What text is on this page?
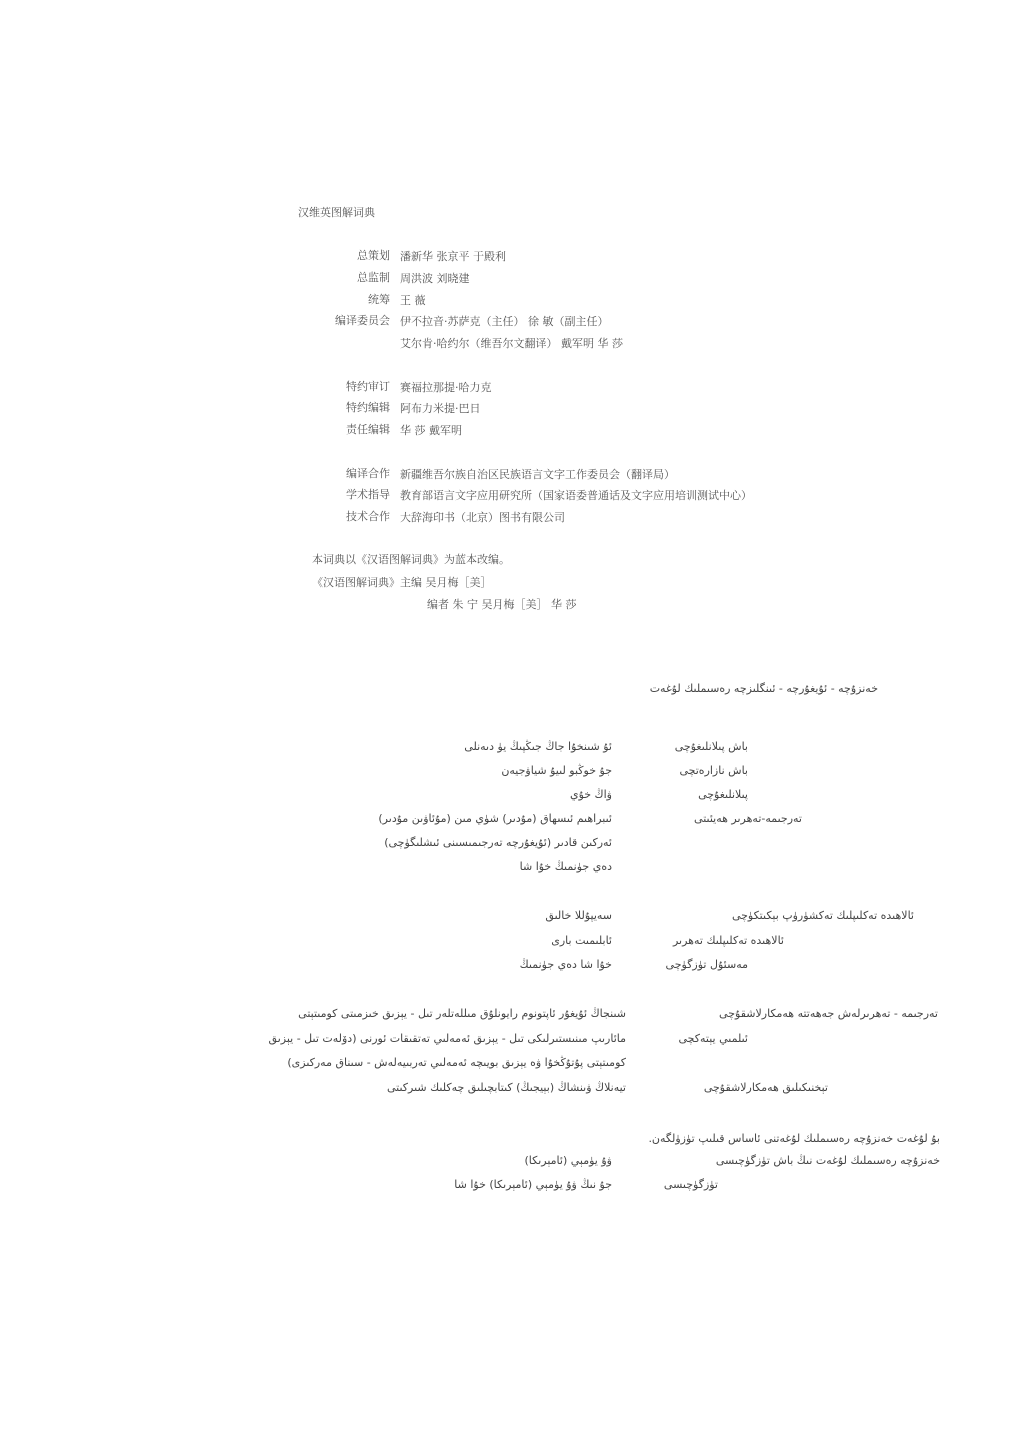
汉维英图解词典
总策划 潘新华 张京平 于殿利
总监制 周洪波 刘晓建
统筹 王 薇
编译委员会 伊不拉音·苏萨克（主任） 徐 敏（副主任）
艾尔肯·哈约尔（维吾尔文翻译） 戴军明 华 莎
特约审订 赛福拉那提·哈力克
特约编辑 阿布力米提·巴日
责任编辑 华 莎 戴军明
编译合作 新疆维吾尔族自治区民族语言文字工作委员会（翻译局）
学术指导 教育部语言文字应用研究所（国家语委普通话及文字应用培训测试中心）
技术合作 大辞海印书（北京）图书有限公司
本词典以《汉语图解词典》为蓝本改编。
《汉语图解词典》主编 吴月梅［美］
编者 朱 宁 吴月梅［美］ 华 莎
خەنزۇچە - ئۇيغۇرچە - ئىنگلىزچە رەسىملىك لۇغەت
باش پىلانلىغۇچى
ئۇ شىنخۇا جاڭ جىڭپىڭ يۈ دىەنلى
باش نازارەتچى
جۇ خوڭبو لىيۇ شياۋجيەن
پىلانلىغۇچى
ۋاڭ خۇي
تەرجىمە-تەھرىر ھەيئىتى
ئىبراھىم ئىسھاق (مۇدىر) شۈي مىن (مۇئاۋىن مۇدىر)
ئەركىن قادىر (ئۇيغۇرچە تەرجىمىسىنى ئىشلىگۈچى)
دەي جۈنمىڭ خۇا شا
ئالاھىدە تەكلىپلىك تەكشۈرۈپ بېكىتكۈچى
سەيپۇللا خالىق
ئالاھىدە تەكلىپلىك تەھرىر
ئابلىمىت بارى
مەسئۇل تۈزگۈچى
خۇا شا دەي جۈنمىڭ
تەرجىمە - تەھرىرلەش جەھەتتە ھەمكارلاشقۇچى
شىنجاڭ ئۇيغۇر ئاپتونوم رايونلۇق مىللەتلەر تىل - يېزىق خىزمىتى كومىتېتى
ئىلمىي يېتەكچى
مائارىپ مىنىستىرلىكى تىل - يېزىق ئەمەلىي تەتقىقات ئورنى (دۆلەت تىل - يېزىق
كومىتېتى پۇتۇڭخۇا ۋە يېزىق بويىچە ئەمەلىي تەربىيەلەش - سىناق مەركىزى)
تېخنىكىلىق ھەمكارلاشقۇچى
تيەنلاڭ ۋىنشاڭ (بېيجىڭ) كىتابچىلىق چەكلىك شىركىتى
بۇ لۇغەت خەنزۇچە رەسىملىك لۇغەتنى ئاساس قىلىپ تۈزۈلگەن.
خەنزۇچە رەسىملىك لۇغەت نىڭ باش تۈزگۈچىسى
ۋۇ يۈمېي (ئامېرىكا)
تۈزگۈچىسى
جۇ نىڭ ۋۇ يۈمېي (ئامېرىكا) خۇا شا
